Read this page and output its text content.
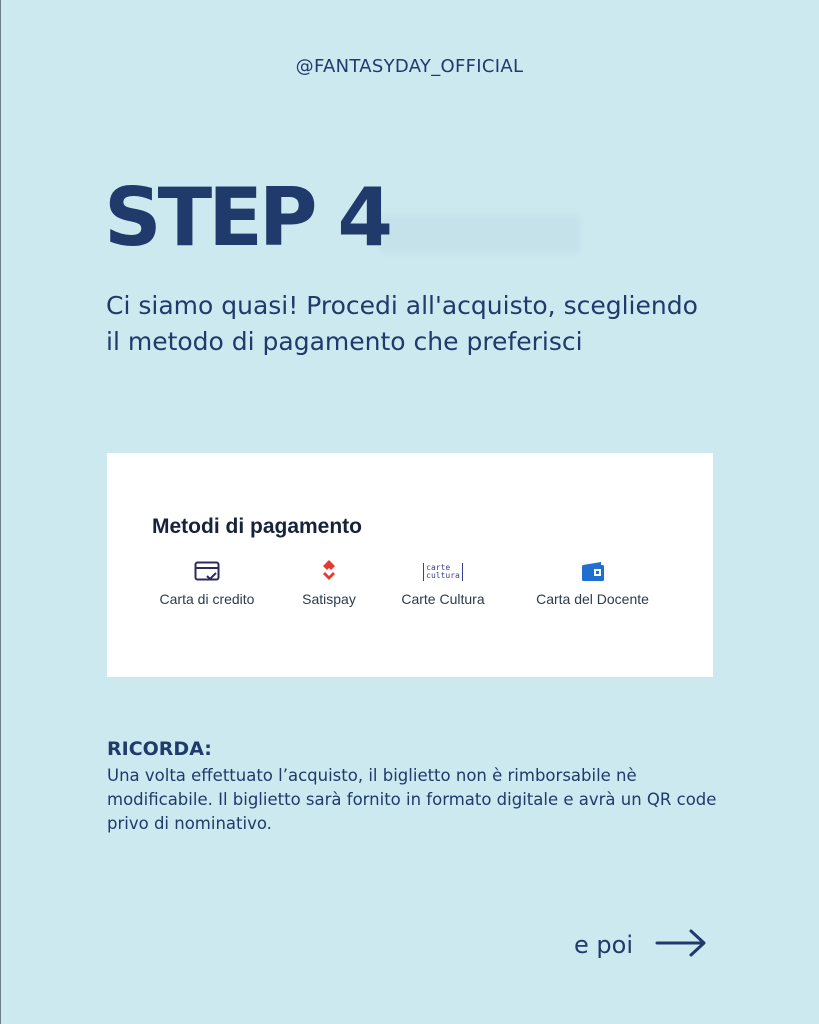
@FANTASYDAY_OFFICIAL
STEP 4
Ci siamo quasi! Procedi all'acquisto, scegliendo il metodo di pagamento che preferisci
Metodi di pagamento
Carta di credito	Satispay
carte
cultura
Carte Cultura	Carta del Docente
RICORDA:
Una volta effettuato l’acquisto, il biglietto non è rimborsabile nè modificabile. Il biglietto sarà fornito in formato digitale e avrà un QR code privo di nominativo.
e poi
